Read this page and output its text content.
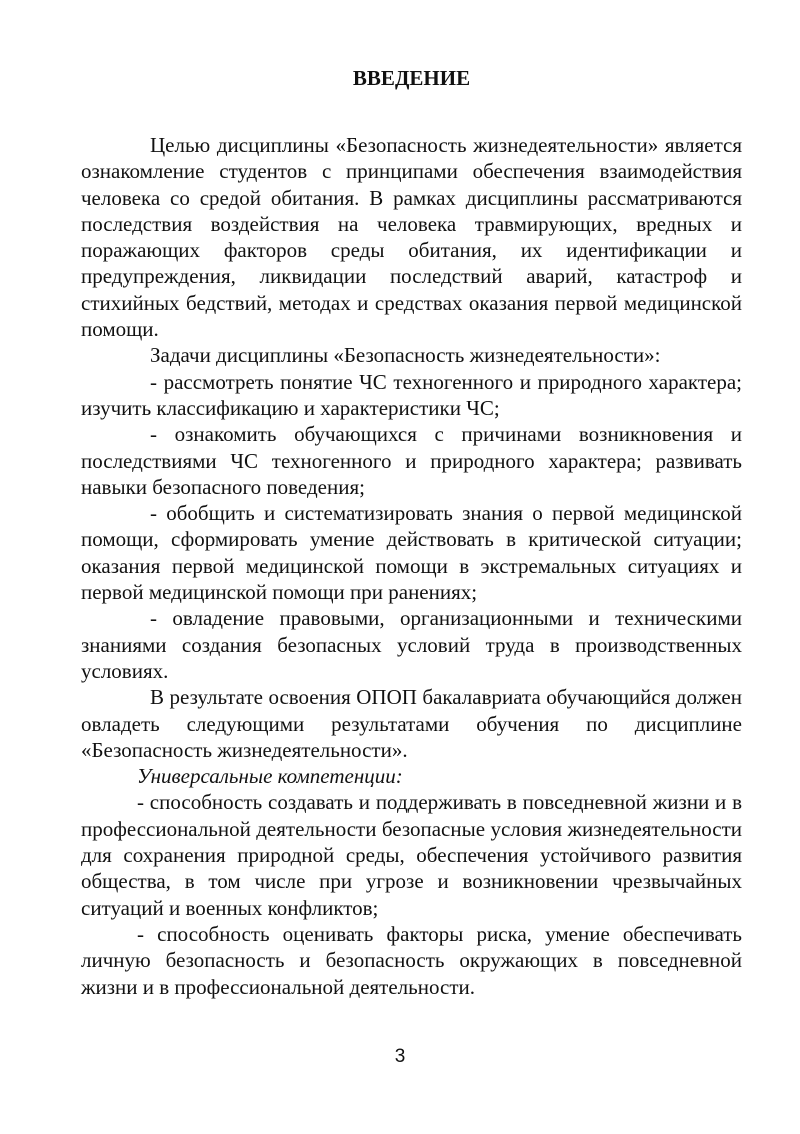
ВВЕДЕНИЕ

Целью дисциплины «Безопасность жизнедеятельности» является ознакомление студентов с принципами обеспечения взаимодействия человека со средой обитания. В рамках дисциплины рассматриваются последствия воздействия на человека травмирующих, вредных и поражающих факторов среды обитания, их идентификации и предупреждения, ликвидации последствий аварий, катастроф и стихийных бедствий, методах и средствах оказания первой медицинской помощи.

Задачи дисциплины «Безопасность жизнедеятельности»:

- рассмотреть понятие ЧС техногенного и природного характера; изучить классификацию и характеристики ЧС;

- ознакомить обучающихся с причинами возникновения и последствиями ЧС техногенного и природного характера; развивать навыки безопасного поведения;

- обобщить и систематизировать знания о первой медицинской помощи, сформировать умение действовать в критической ситуации; оказания первой медицинской помощи в экстремальных ситуациях и первой медицинской помощи при ранениях;

- овладение правовыми, организационными и техническими знаниями создания безопасных условий труда в производственных условиях.

В результате освоения ОПОП бакалавриата обучающийся должен овладеть следующими результатами обучения по дисциплине «Безопасность жизнедеятельности».

Универсальные компетенции:

- способность создавать и поддерживать в повседневной жизни и в профессиональной деятельности безопасные условия жизнедеятельности для сохранения природной среды, обеспечения устойчивого развития общества, в том числе при угрозе и возникновении чрезвычайных ситуаций и военных конфликтов;

- способность оценивать факторы риска, умение обеспечивать личную безопасность и безопасность окружающих в повседневной жизни и в профессиональной деятельности.

3
